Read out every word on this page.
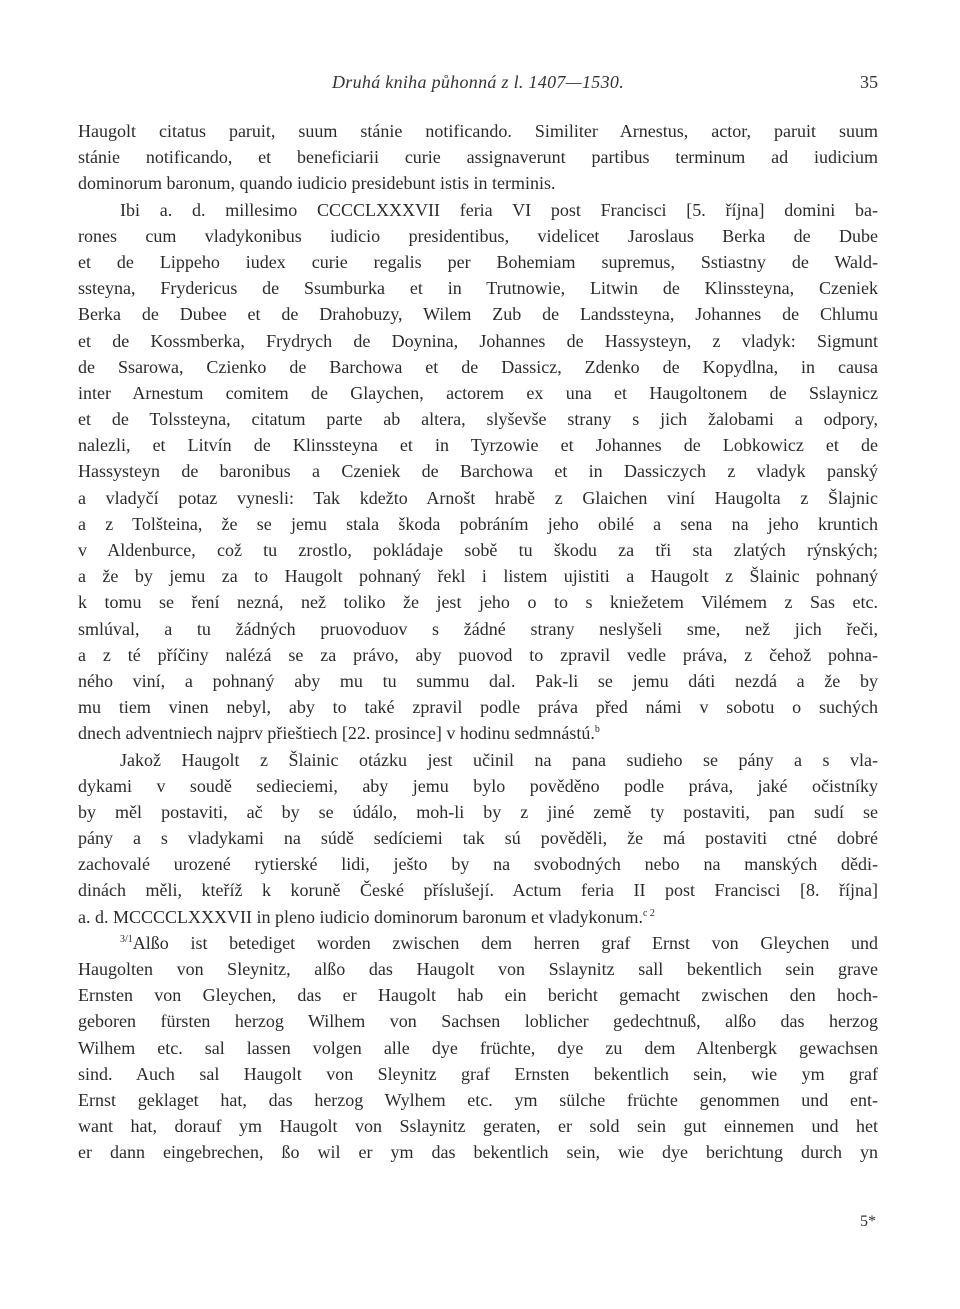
Druhá kniha půhonná z l. 1407—1530.	35
Haugolt citatus paruit, suum stánie notificando. Similiter Arnestus, actor, paruit suum
stánie notificando, et beneficiarii curie assignaverunt partibus terminum ad iudicium
dominorum baronum, quando iudicio presidebunt istis in terminis.
Ibi a. d. millesimo CCCCLXXXVII feria VI post Francisci [5. října] domini ba-
rones cum vladykonibus iudicio presidentibus, videlicet Jaroslaus Berka de Dube
et de Lippeho iudex curie regalis per Bohemiam supremus, Sstiastny de Wald-
ssteyna, Frydericus de Ssumburka et in Trutnowie, Litwin de Klinssteyna, Czeniek
Berka de Dubee et de Drahobuzy, Wilem Zub de Landssteyna, Johannes de Chlumu
et de Kossmberka, Frydrych de Doynina, Johannes de Hassysteyn, z vladyk: Sigmunt
de Ssarowa, Czienko de Barchowa et de Dassicz, Zdenko de Kopydlna, in causa
inter Arnestum comitem de Glaychen, actorem ex una et Haugoltonem de Sslaynicz
et de Tolssteyna, citatum parte ab altera, slyševše strany s jich žalobami a odpory,
nalezli, et Litvín de Klinssteyna et in Tyrzowie et Johannes de Lobkowicz et de
Hassysteyn de baronibus a Czeniek de Barchowa et in Dassiczych z vladyk panský
a vladyčí potaz vynesli: Tak kdežto Arnošt hrabě z Glaichen viní Haugolta z Šlajnic
a z Tolšteina, že se jemu stala škoda pobráním jeho obilé a sena na jeho kruntich
v Aldenburce, což tu zrostlo, pokládaje sobě tu škodu za tři sta zlatých rýnských;
a že by jemu za to Haugolt pohnaný řekl i listem ujistiti a Haugolt z Šlainic pohnaný
k tomu se ření nezná, než toliko že jest jeho o to s kniežetem Vilémem z Sas etc.
smlúval, a tu žádných pruovoduov s žádné strany neslyšeli sme, než jich řeči,
a z té příčiny nalézá se za právo, aby puovod to zpravil vedle práva, z čehož pohna-
ného viní, a pohnaný aby mu tu summu dal. Pak-li se jemu dáti nezdá a že by
mu tiem vinen nebyl, aby to také zpravil podle práva před námi v sobotu o suchých
dnech adventniech najprv přieštiech [22. prosince] v hodinu sedmnástú.$^b$
Jakož Haugolt z Šlainic otázku jest učinil na pana sudieho se pány a s vla-
dykami v soudě sedieciemi, aby jemu bylo pověděno podle práva, jaké očistníky
by měl postaviti, ač by se údálo, moh-li by z jiné země ty postaviti, pan sudí se
pány a s vladykami na súdě sedíciemi tak sú pověděli, že má postaviti ctné dobré
zachovalé urozené rytierské lidi, ješto by na svobodných nebo na manských dědi-
dinách měli, kteříž k koruně České příslušejí. Actum feria II post Francisci [8. října]
a. d. MCCCCLXXXVII in pleno iudicio dominorum baronum et vladykonum.$^{c 2}$
$^{3/1}$Alßo ist betediget worden zwischen dem herren graf Ernst von Gleychen und
Haugolten von Sleynitz, alßo das Haugolt von Sslaynitz sall bekentlich sein grave
Ernsten von Gleychen, das er Haugolt hab ein bericht gemacht zwischen den hoch-
geboren fürsten herzog Wilhem von Sachsen loblicher gedechtnuß, alßo das herzog
Wilhem etc. sal lassen volgen alle dye früchte, dye zu dem Altenbergk gewachsen
sind. Auch sal Haugolt von Sleynitz graf Ernsten bekentlich sein, wie ym graf
Ernst geklaget hat, das herzog Wylhem etc. ym sülche früchte genommen und ent-
want hat, dorauf ym Haugolt von Sslaynitz geraten, er sold sein gut einnemen und het
er dann eingebrechen, ßo wil er ym das bekentlich sein, wie dye berichtung durch yn
5*
